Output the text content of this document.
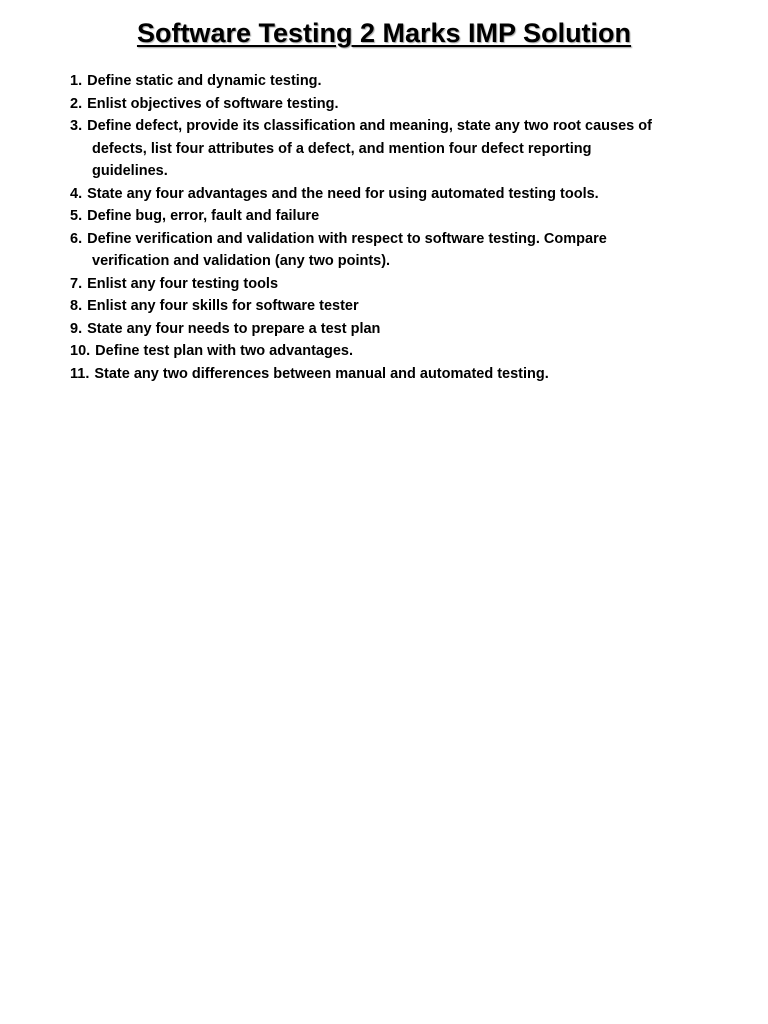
Software Testing 2 Marks IMP Solution
1. Define static and dynamic testing.
2. Enlist objectives of software testing.
3. Define defect, provide its classification and meaning, state any two root causes of
defects, list four attributes of a defect, and mention four defect reporting
guidelines.
4. State any four advantages and the need for using automated testing tools.
5. Define bug, error, fault and failure
6. Define verification and validation with respect to software testing. Compare
verification and validation (any two points).
7. Enlist any four testing tools
8. Enlist any four skills for software tester
9. State any four needs to prepare a test plan
10. Define test plan with two advantages.
11. State any two differences between manual and automated testing.
